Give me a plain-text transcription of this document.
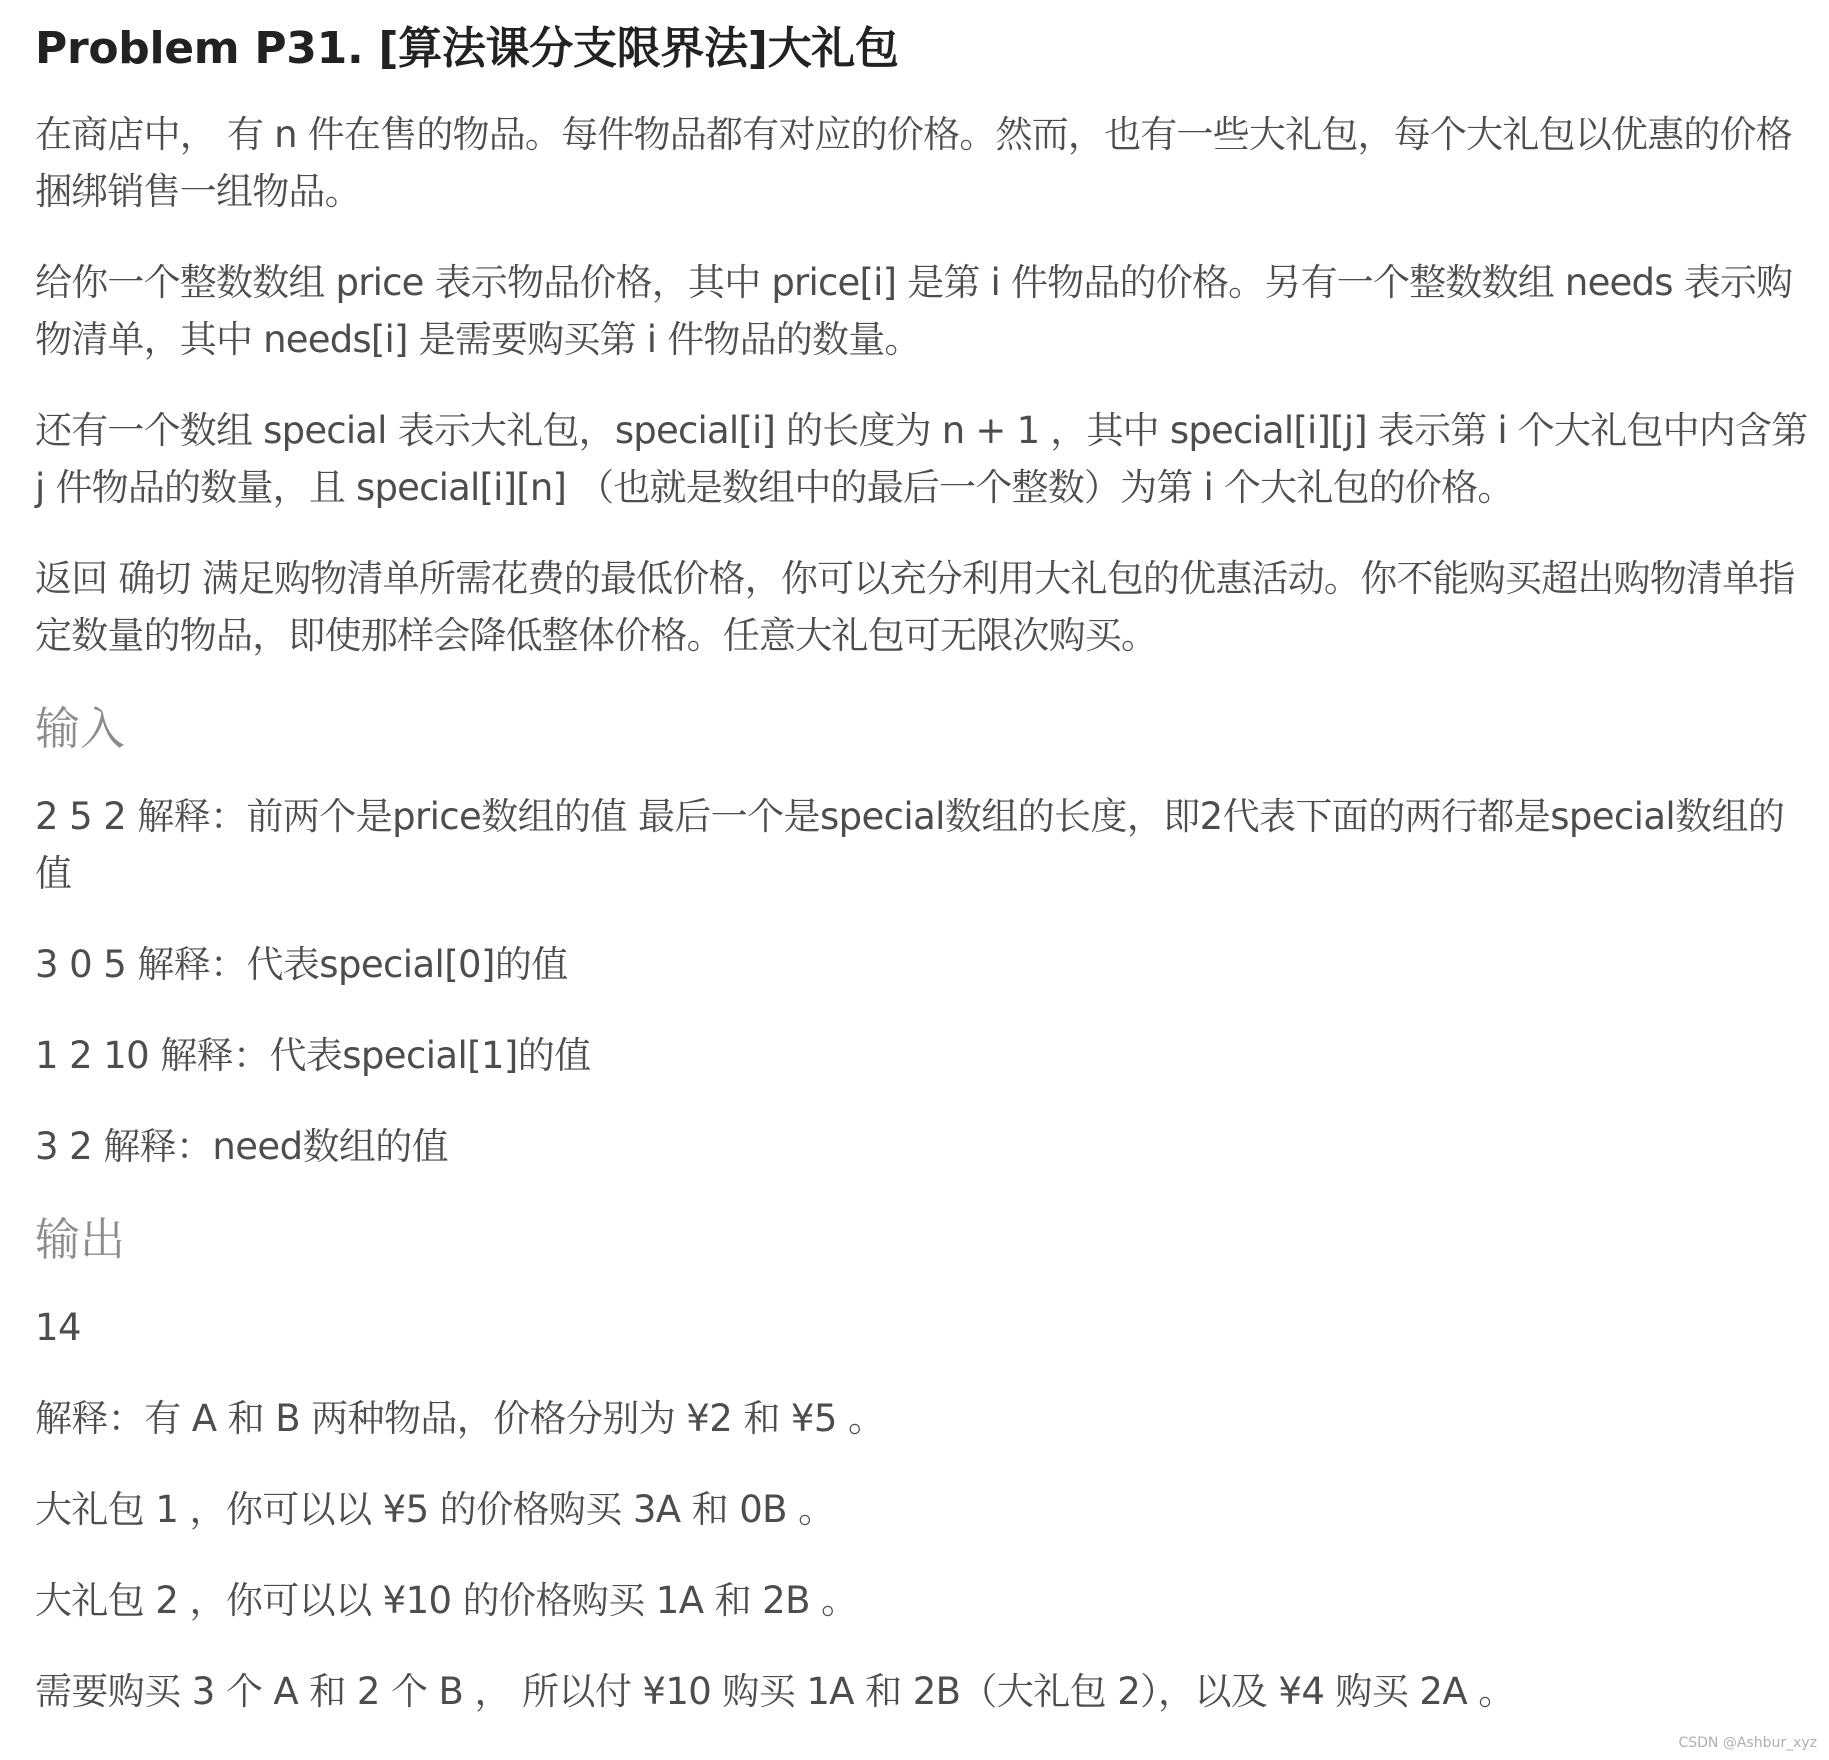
Problem P31. [算法课分支限界法]大礼包

在商店中， 有 n 件在售的物品。每件物品都有对应的价格。然而，也有一些大礼包，每个大礼包以优惠的价格捆绑销售一组物品。

给你一个整数数组 price 表示物品价格，其中 price[i] 是第 i 件物品的价格。另有一个整数数组 needs 表示购物清单，其中 needs[i] 是需要购买第 i 件物品的数量。

还有一个数组 special 表示大礼包，special[i] 的长度为 n + 1 ，其中 special[i][j] 表示第 i 个大礼包中内含第 j 件物品的数量，且 special[i][n] （也就是数组中的最后一个整数）为第 i 个大礼包的价格。

返回 确切 满足购物清单所需花费的最低价格，你可以充分利用大礼包的优惠活动。你不能购买超出购物清单指定数量的物品，即使那样会降低整体价格。任意大礼包可无限次购买。

输入

2 5 2 解释：前两个是price数组的值 最后一个是special数组的长度，即2代表下面的两行都是special数组的值

3 0 5 解释：代表special[0]的值

1 2 10 解释：代表special[1]的值

3 2 解释：need数组的值

输出

14

解释：有 A 和 B 两种物品，价格分别为 ¥2 和 ¥5 。

大礼包 1 ，你可以以 ¥5 的价格购买 3A 和 0B 。

大礼包 2 ，你可以以 ¥10 的价格购买 1A 和 2B 。

需要购买 3 个 A 和 2 个 B ， 所以付 ¥10 购买 1A 和 2B（大礼包 2），以及 ¥4 购买 2A 。

CSDN @Ashbur_xyz
